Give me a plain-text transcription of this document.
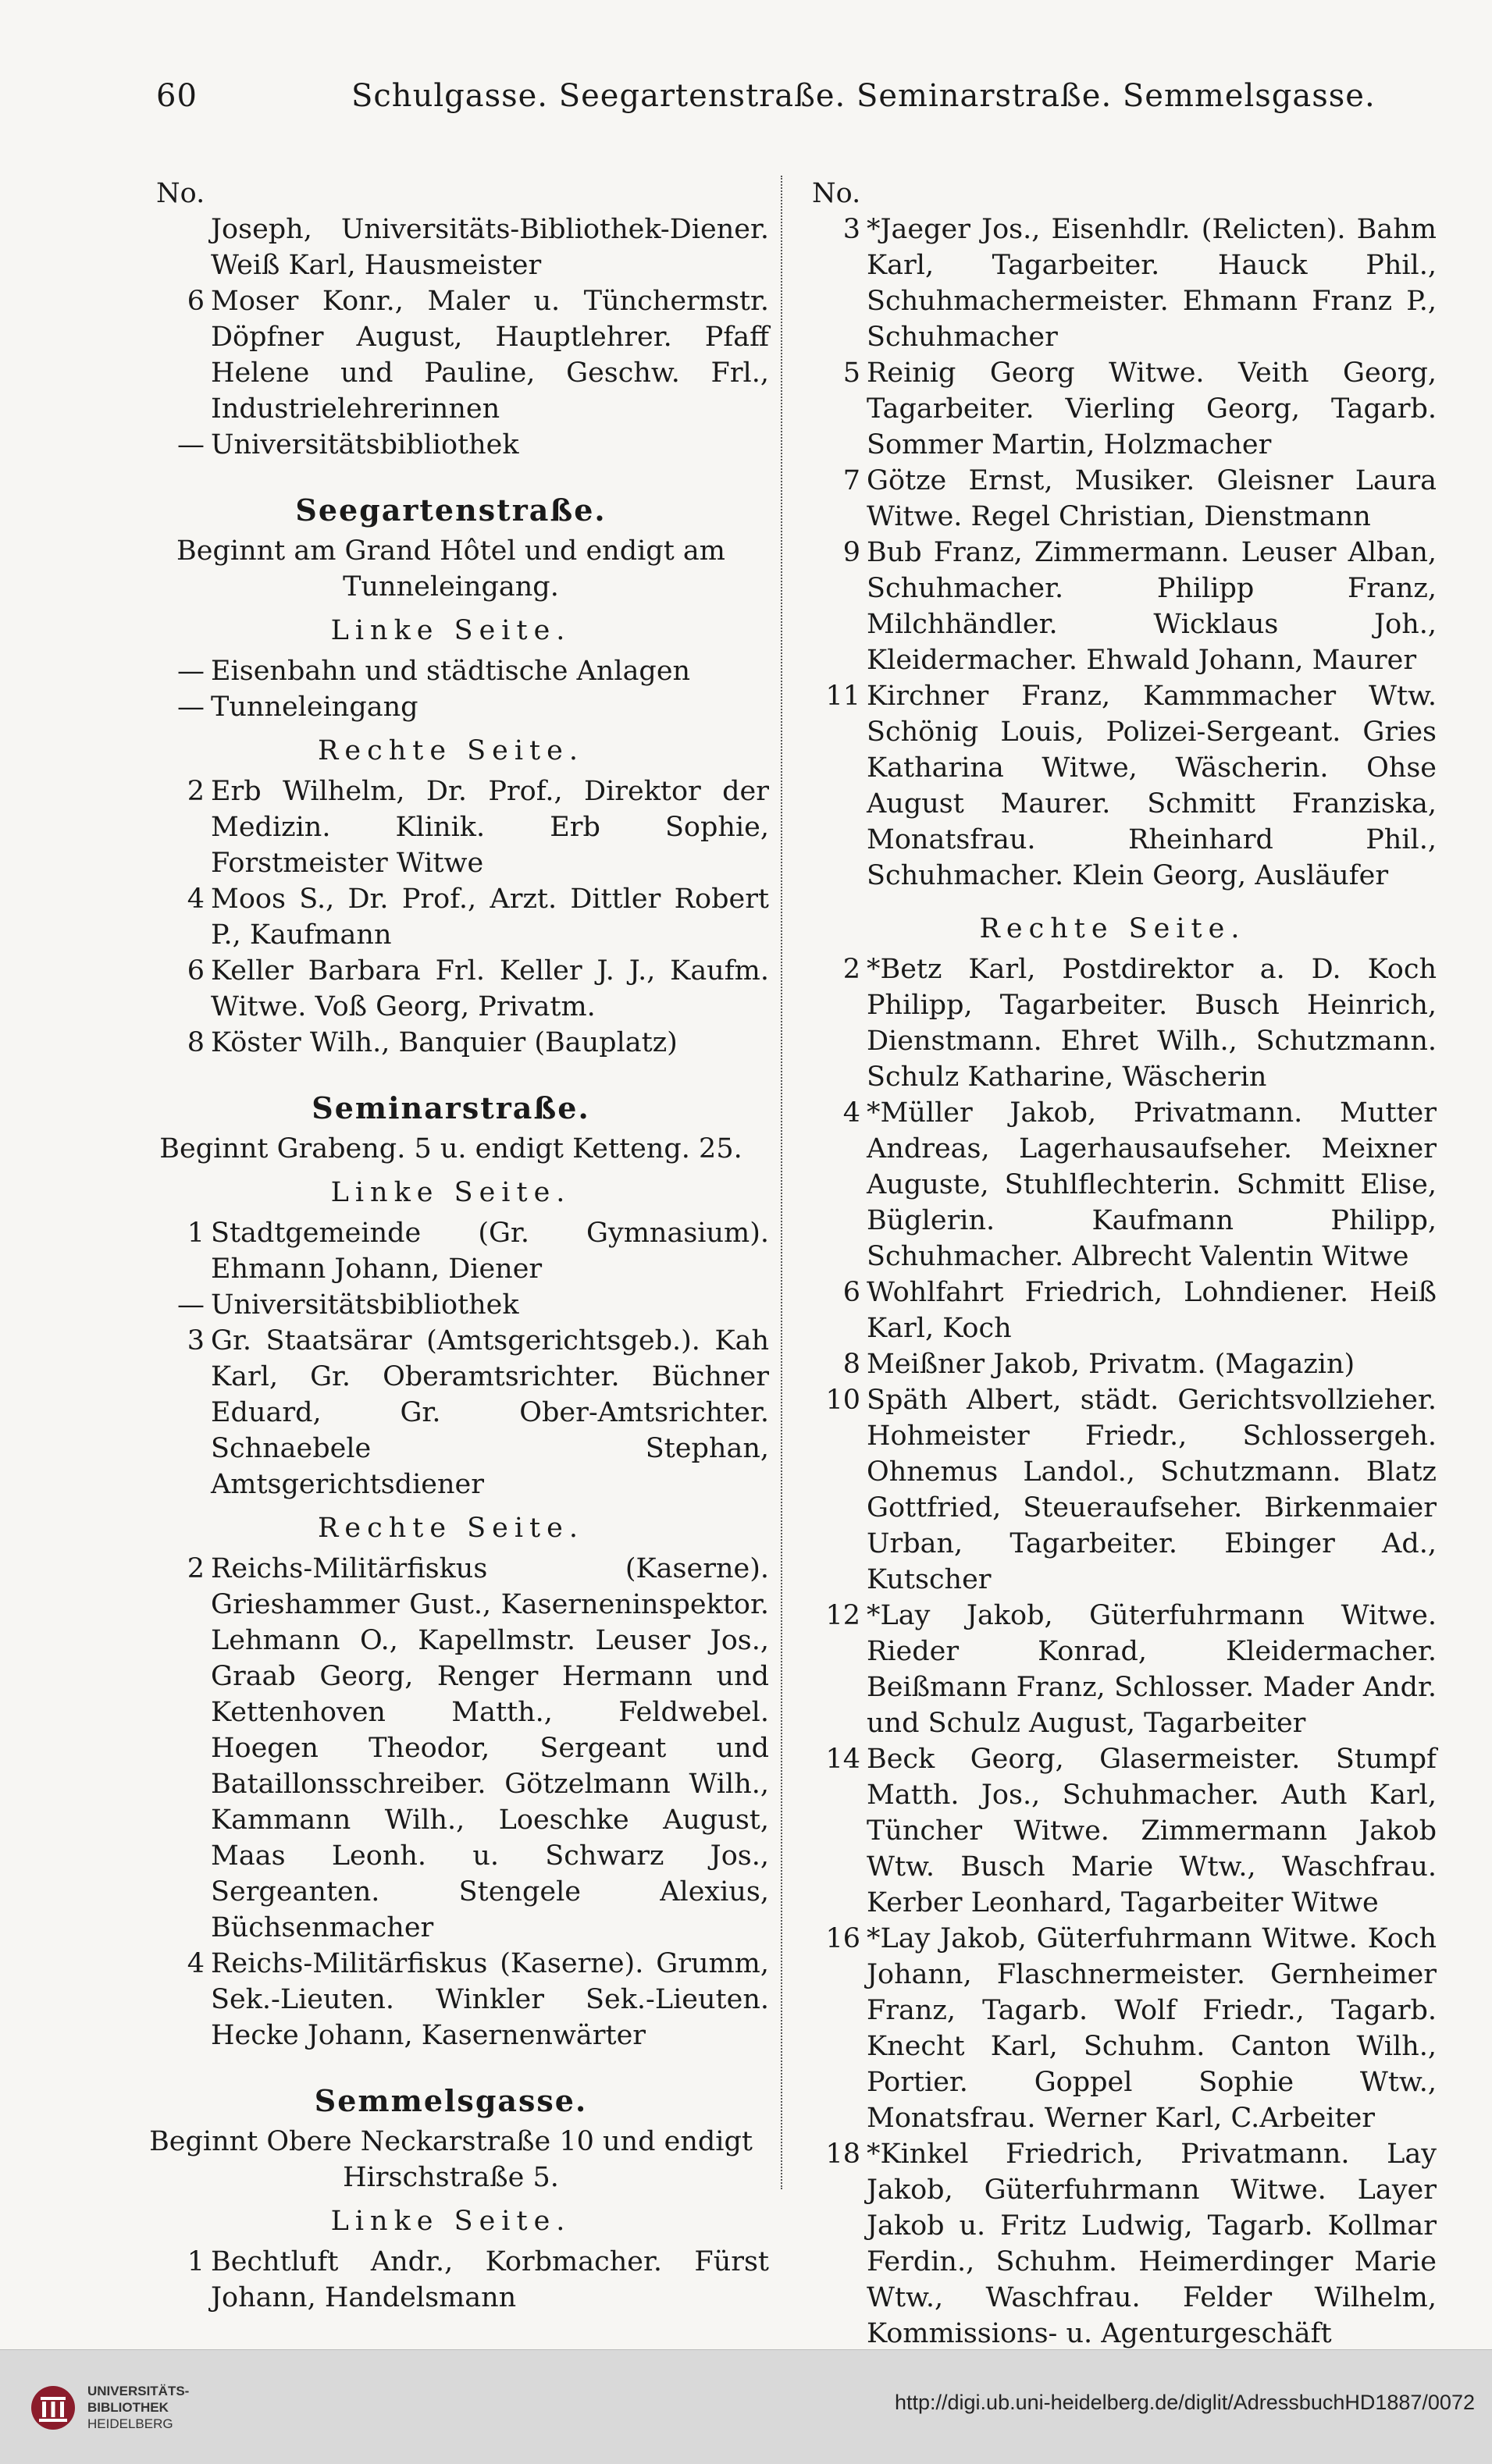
60	Schulgasse. Seegartenstraße. Seminarstraße. Semmelsgasse.
No.
Joseph, Universitäts-Bibliothek-Diener. Weiß Karl, Hausmeister
6 Moser Konr., Maler u. Tünchermstr. Döpfner August, Hauptlehrer. Pfaff Helene und Pauline, Geschw. Frl., Industrielehrerinnen
— Universitätsbibliothek
Seegartenstraße.
Beginnt am Grand Hôtel und endigt am Tunneleingang.
Linke Seite.
— Eisenbahn und städtische Anlagen
— Tunneleingang
Rechte Seite.
2 Erb Wilhelm, Dr. Prof., Direktor der Medizin. Klinik. Erb Sophie, Forstmeister Witwe
4 Moos S., Dr. Prof., Arzt. Dittler Robert P., Kaufmann
6 Keller Barbara Frl. Keller J. J., Kaufm. Witwe. Voß Georg, Privatm.
8 Köster Wilh., Banquier (Bauplatz)
Seminarstraße.
Beginnt Grabeng. 5 u. endigt Ketteng. 25.
Linke Seite.
1 Stadtgemeinde (Gr. Gymnasium). Ehmann Johann, Diener
— Universitätsbibliothek
3 Gr. Staatsärar (Amtsgerichtsgeb.). Kah Karl, Gr. Oberamtsrichter. Büchner Eduard, Gr. Ober-Amtsrichter. Schnaebele Stephan, Amtsgerichtsdiener
Rechte Seite.
2 Reichs-Militärfiskus (Kaserne). Grieshammer Gust., Kaserneninspektor. Lehmann O., Kapellmstr. Leuser Jos., Graab Georg, Renger Hermann und Kettenhoven Matth., Feldwebel. Hoegen Theodor, Sergeant und Bataillonsschreiber. Götzelmann Wilh., Kammann Wilh., Loeschke August, Maas Leonh. u. Schwarz Jos., Sergeanten. Stengele Alexius, Büchsenmacher
4 Reichs-Militärfiskus (Kaserne). Grumm, Sek.-Lieuten. Winkler Sek.-Lieuten. Hecke Johann, Kasernenwärter
Semmelsgasse.
Beginnt Obere Neckarstraße 10 und endigt Hirschstraße 5.
Linke Seite.
1 Bechtluft Andr., Korbmacher. Fürst Johann, Handelsmann
No.
3 *Jaeger Jos., Eisenhdlr. (Relicten). Bahm Karl, Tagarbeiter. Hauck Phil., Schuhmachermeister. Ehmann Franz P., Schuhmacher
5 Reinig Georg Witwe. Veith Georg, Tagarbeiter. Vierling Georg, Tagarb. Sommer Martin, Holzmacher
7 Götze Ernst, Musiker. Gleisner Laura Witwe. Regel Christian, Dienstmann
9 Bub Franz, Zimmermann. Leuser Alban, Schuhmacher. Philipp Franz, Milchhändler. Wicklaus Joh., Kleidermacher. Ehwald Johann, Maurer
11 Kirchner Franz, Kammmacher Wtw. Schönig Louis, Polizei-Sergeant. Gries Katharina Witwe, Wäscherin. Ohse August Maurer. Schmitt Franziska, Monatsfrau. Rheinhard Phil., Schuhmacher. Klein Georg, Ausläufer
Rechte Seite.
2 *Betz Karl, Postdirektor a. D. Koch Philipp, Tagarbeiter. Busch Heinrich, Dienstmann. Ehret Wilh., Schutzmann. Schulz Katharine, Wäscherin
4 *Müller Jakob, Privatmann. Mutter Andreas, Lagerhausaufseher. Meixner Auguste, Stuhlflechterin. Schmitt Elise, Büglerin. Kaufmann Philipp, Schuhmacher. Albrecht Valentin Witwe
6 Wohlfahrt Friedrich, Lohndiener. Heiß Karl, Koch
8 Meißner Jakob, Privatm. (Magazin)
10 Späth Albert, städt. Gerichtsvollzieher. Hohmeister Friedr., Schlossergeh. Ohnemus Landol., Schutzmann. Blatz Gottfried, Steueraufseher. Birkenmaier Urban, Tagarbeiter. Ebinger Ad., Kutscher
12 *Lay Jakob, Güterfuhrmann Witwe. Rieder Konrad, Kleidermacher. Beißmann Franz, Schlosser. Mader Andr. und Schulz August, Tagarbeiter
14 Beck Georg, Glasermeister. Stumpf Matth. Jos., Schuhmacher. Auth Karl, Tüncher Witwe. Zimmermann Jakob Wtw. Busch Marie Wtw., Waschfrau. Kerber Leonhard, Tagarbeiter Witwe
16 *Lay Jakob, Güterfuhrmann Witwe. Koch Johann, Flaschnermeister. Gernheimer Franz, Tagarb. Wolf Friedr., Tagarb. Knecht Karl, Schuhm. Canton Wilh., Portier. Goppel Sophie Wtw., Monatsfrau. Werner Karl, C.Arbeiter
18 *Kinkel Friedrich, Privatmann. Lay Jakob, Güterfuhrmann Witwe. Layer Jakob u. Fritz Ludwig, Tagarb. Kollmar Ferdin., Schuhm. Heimerdinger Marie Wtw., Waschfrau. Felder Wilhelm, Kommissions- u. Agenturgeschäft
UNIVERSITÄTS-
BIBLIOTHEK
HEIDELBERG
http://digi.ub.uni-heidelberg.de/diglit/AdressbuchHD1887/0072
